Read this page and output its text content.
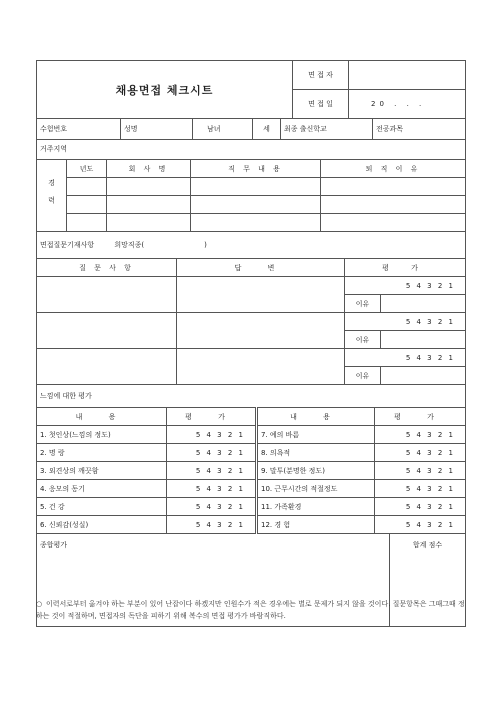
채용면접 체크시트	면 접 자	
	면 접 일	20 . . .
수험번호	성명	남녀	세	최종 출신학교	전공과목
거주지역
경 력	년도	회 사 명	직 무 내 용	퇴 직 이 유

면접질문기재사항	희망직종(	)
질 문 사 항	답 변	평 가	
		5 4 3 2 1	
		이유	
		5 4 3 2 1	
		이유	
		5 4 3 2 1	
		이유	
느낌에 대한 평가
내 용	평 가	내 용	평 가
1. 첫인상(느낌의 정도)	5 4 3 2 1	7. 예의 바름	5 4 3 2 1
2. 명 랑	5 4 3 2 1	8. 의욕적	5 4 3 2 1
3. 외견상의 깨끗함	5 4 3 2 1	9. 말투(분명한 정도)	5 4 3 2 1
4. 응모의 동기	5 4 3 2 1	10. 근무시간의 적절정도	5 4 3 2 1
5. 건 강	5 4 3 2 1	11. 가족환경	5 4 3 2 1
6. 신뢰감(성실)	5 4 3 2 1	12. 경 험	5 4 3 2 1
종합평가	합계 점수
○ 이력서로부터 옮겨야 하는 부분이 있어 난잡이다 하겠지만 인원수가 적은 경우에는 별로 문제가 되지 않을 것이다. 질문항목은 그때그때 정하는 것이 적절하며, 면접자의 독단을 피하기 위해 복수의 면접 평가가 바람직하다.
